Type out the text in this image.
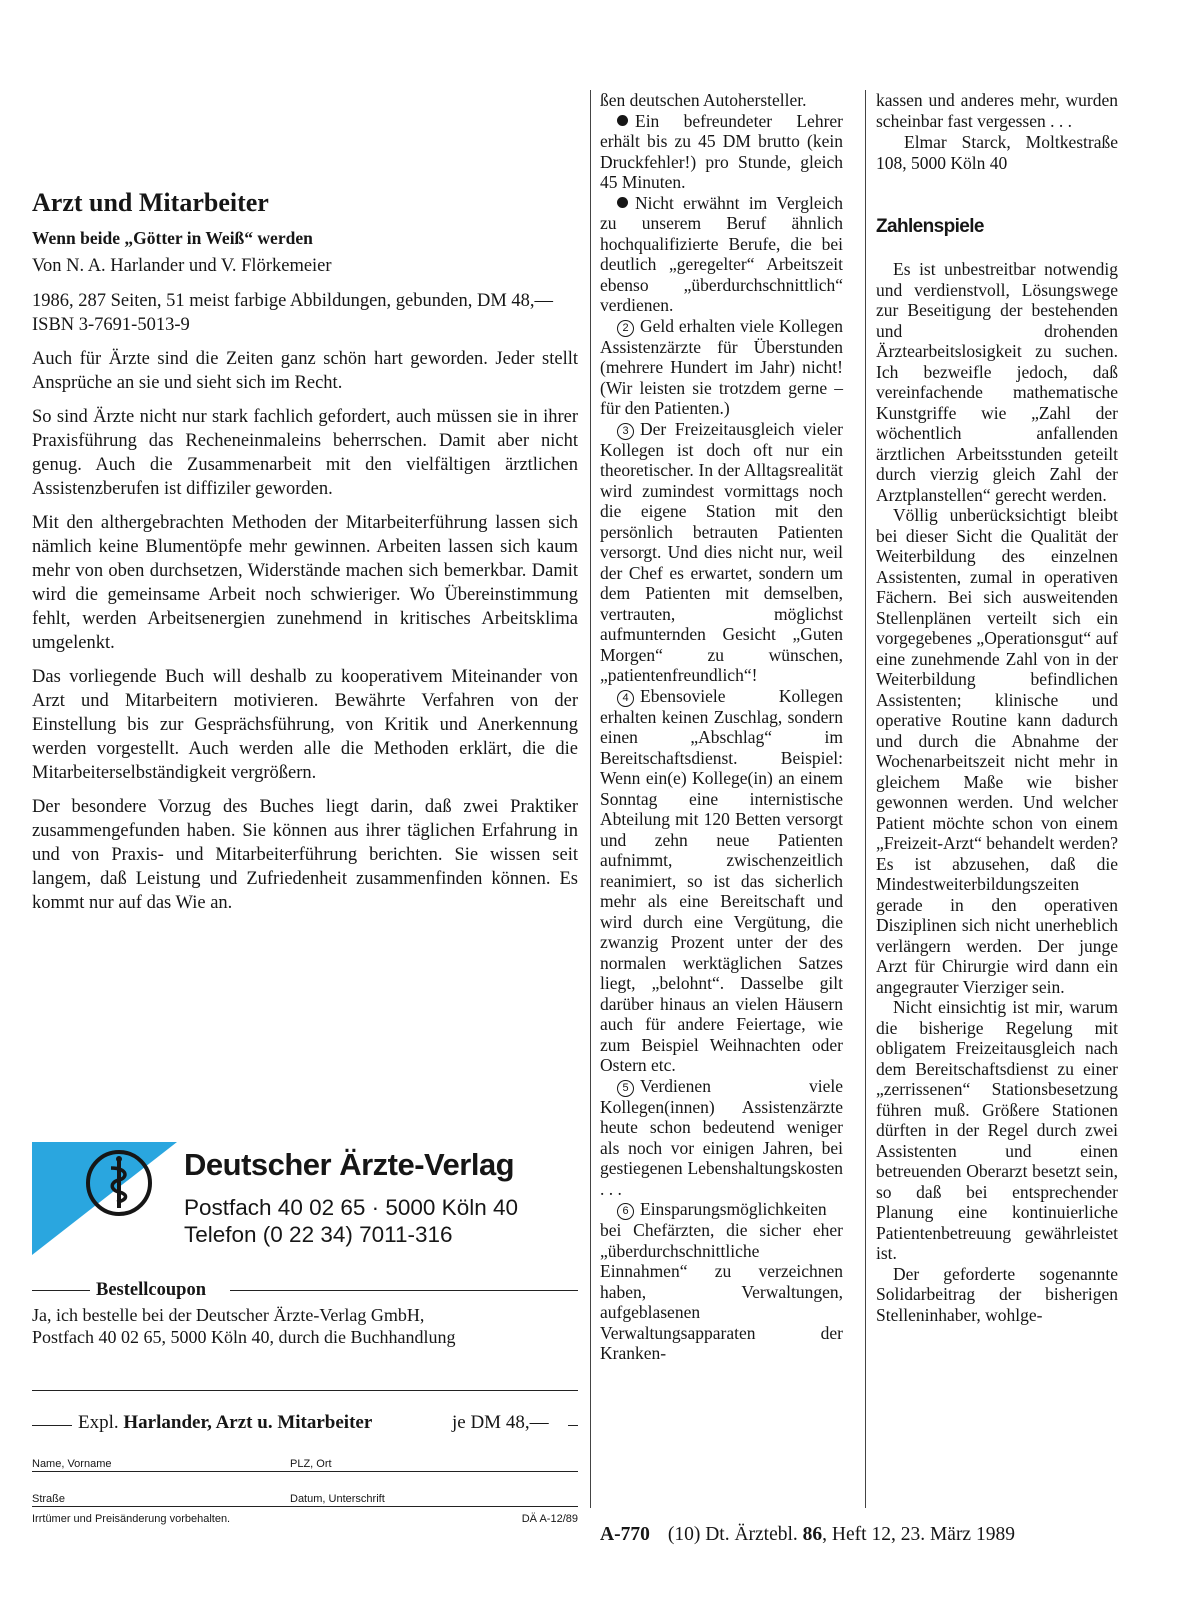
Arzt und Mitarbeiter
Wenn beide „Götter in Weiß“ werden
Von N. A. Harlander und V. Flörkemeier
1986, 287 Seiten, 51 meist farbige Abbildungen, gebunden, DM 48,— ISBN 3-7691-5013-9

Auch für Ärzte sind die Zeiten ganz schön hart geworden. Jeder stellt Ansprüche an sie und sieht sich im Recht.

So sind Ärzte nicht nur stark fachlich gefordert, auch müssen sie in ihrer Praxisführung das Recheneinmaleins beherrschen. Damit aber nicht genug. Auch die Zusammenarbeit mit den vielfältigen ärztlichen Assistenzberufen ist diffiziler geworden.

Mit den althergebrachten Methoden der Mitarbeiterführung lassen sich nämlich keine Blumentöpfe mehr gewinnen. Arbeiten lassen sich kaum mehr von oben durchsetzen, Widerstände machen sich bemerkbar. Damit wird die gemeinsame Arbeit noch schwieriger. Wo Übereinstimmung fehlt, werden Arbeitsenergien zunehmend in kritisches Arbeitsklima umgelenkt.

Das vorliegende Buch will deshalb zu kooperativem Miteinander von Arzt und Mitarbeitern motivieren. Bewährte Verfahren von der Einstellung bis zur Gesprächsführung, von Kritik und Anerkennung werden vorgestellt. Auch werden alle die Methoden erklärt, die die Mitarbeiterselbständigkeit vergrößern.

Der besondere Vorzug des Buches liegt darin, daß zwei Praktiker zusammengefunden haben. Sie können aus ihrer täglichen Erfahrung in und von Praxis- und Mitarbeiterführung berichten. Sie wissen seit langem, daß Leistung und Zufriedenheit zusammenfinden können. Es kommt nur auf das Wie an.

Deutscher Ärzte-Verlag
Postfach 40 02 65 · 5000 Köln 40
Telefon (0 22 34) 7011-316
Bestellcoupon
Ja, ich bestelle bei der Deutscher Ärzte-Verlag GmbH,
Postfach 40 02 65, 5000 Köln 40, durch die Buchhandlung
Expl. Harlander, Arzt u. Mitarbeiter	je DM 48,—
Name, Vorname	PLZ, Ort
Straße	Datum, Unterschrift
Irrtümer und Preisänderung vorbehalten.	DÄ A-12/89

ßen deutschen Autohersteller.

Ein befreundeter Lehrer erhält bis zu 45 DM brutto (kein Druckfehler!) pro Stunde, gleich 45 Minuten.

Nicht erwähnt im Vergleich zu unserem Beruf ähnlich hochqualifizierte Berufe, die bei deutlich „geregelter“ Arbeitszeit ebenso „überdurchschnittlich“ verdienen.

2 Geld erhalten viele Kollegen Assistenzärzte für Überstunden (mehrere Hundert im Jahr) nicht! (Wir leisten sie trotzdem gerne – für den Patienten.)

3 Der Freizeitausgleich vieler Kollegen ist doch oft nur ein theoretischer. In der Alltagsrealität wird zumindest vormittags noch die eigene Station mit den persönlich betrauten Patienten versorgt. Und dies nicht nur, weil der Chef es erwartet, sondern um dem Patienten mit demselben, vertrauten, möglichst aufmunternden Gesicht „Guten Morgen“ zu wünschen, „patientenfreundlich“!

4 Ebensoviele Kollegen erhalten keinen Zuschlag, sondern einen „Abschlag“ im Bereitschaftsdienst. Beispiel: Wenn ein(e) Kollege(in) an einem Sonntag eine internistische Abteilung mit 120 Betten versorgt und zehn neue Patienten aufnimmt, zwischenzeitlich reanimiert, so ist das sicherlich mehr als eine Bereitschaft und wird durch eine Vergütung, die zwanzig Prozent unter der des normalen werktäglichen Satzes liegt, „belohnt“. Dasselbe gilt darüber hinaus an vielen Häusern auch für andere Feiertage, wie zum Beispiel Weihnachten oder Ostern etc.

5 Verdienen viele Kollegen(innen) Assistenzärzte heute schon bedeutend weniger als noch vor einigen Jahren, bei gestiegenen Lebenshaltungskosten . . .

6 Einsparungsmöglichkeiten bei Chefärzten, die sicher eher „überdurchschnittliche Einnahmen“ zu verzeichnen haben, Verwaltungen, aufgeblasenen Verwaltungsapparaten der Kranken-

kassen und anderes mehr, wurden scheinbar fast vergessen . . .

Elmar Starck, Moltkestraße 108, 5000 Köln 40

Zahlenspiele

Es ist unbestreitbar notwendig und verdienstvoll, Lösungswege zur Beseitigung der bestehenden und drohenden Ärztearbeitslosigkeit zu suchen. Ich bezweifle jedoch, daß vereinfachende mathematische Kunstgriffe wie „Zahl der wöchentlich anfallenden ärztlichen Arbeitsstunden geteilt durch vierzig gleich Zahl der Arztplanstellen“ gerecht werden.

Völlig unberücksichtigt bleibt bei dieser Sicht die Qualität der Weiterbildung des einzelnen Assistenten, zumal in operativen Fächern. Bei sich ausweitenden Stellenplänen verteilt sich ein vorgegebenes „Operationsgut“ auf eine zunehmende Zahl von in der Weiterbildung befindlichen Assistenten; klinische und operative Routine kann dadurch und durch die Abnahme der Wochenarbeitszeit nicht mehr in gleichem Maße wie bisher gewonnen werden. Und welcher Patient möchte schon von einem „Freizeit-Arzt“ behandelt werden? Es ist abzusehen, daß die Mindestweiterbildungszeiten gerade in den operativen Disziplinen sich nicht unerheblich verlängern werden. Der junge Arzt für Chirurgie wird dann ein angegrauter Vierziger sein.

Nicht einsichtig ist mir, warum die bisherige Regelung mit obligatem Freizeitausgleich nach dem Bereitschaftsdienst zu einer „zerrissenen“ Stationsbesetzung führen muß. Größere Stationen dürften in der Regel durch zwei Assistenten und einen betreuenden Oberarzt besetzt sein, so daß bei entsprechender Planung eine kontinuierliche Patientenbetreuung gewährleistet ist.

Der geforderte sogenannte Solidarbeitrag der bisherigen Stelleninhaber, wohlge-

A-770 (10) Dt. Ärztebl. 86, Heft 12, 23. März 1989
